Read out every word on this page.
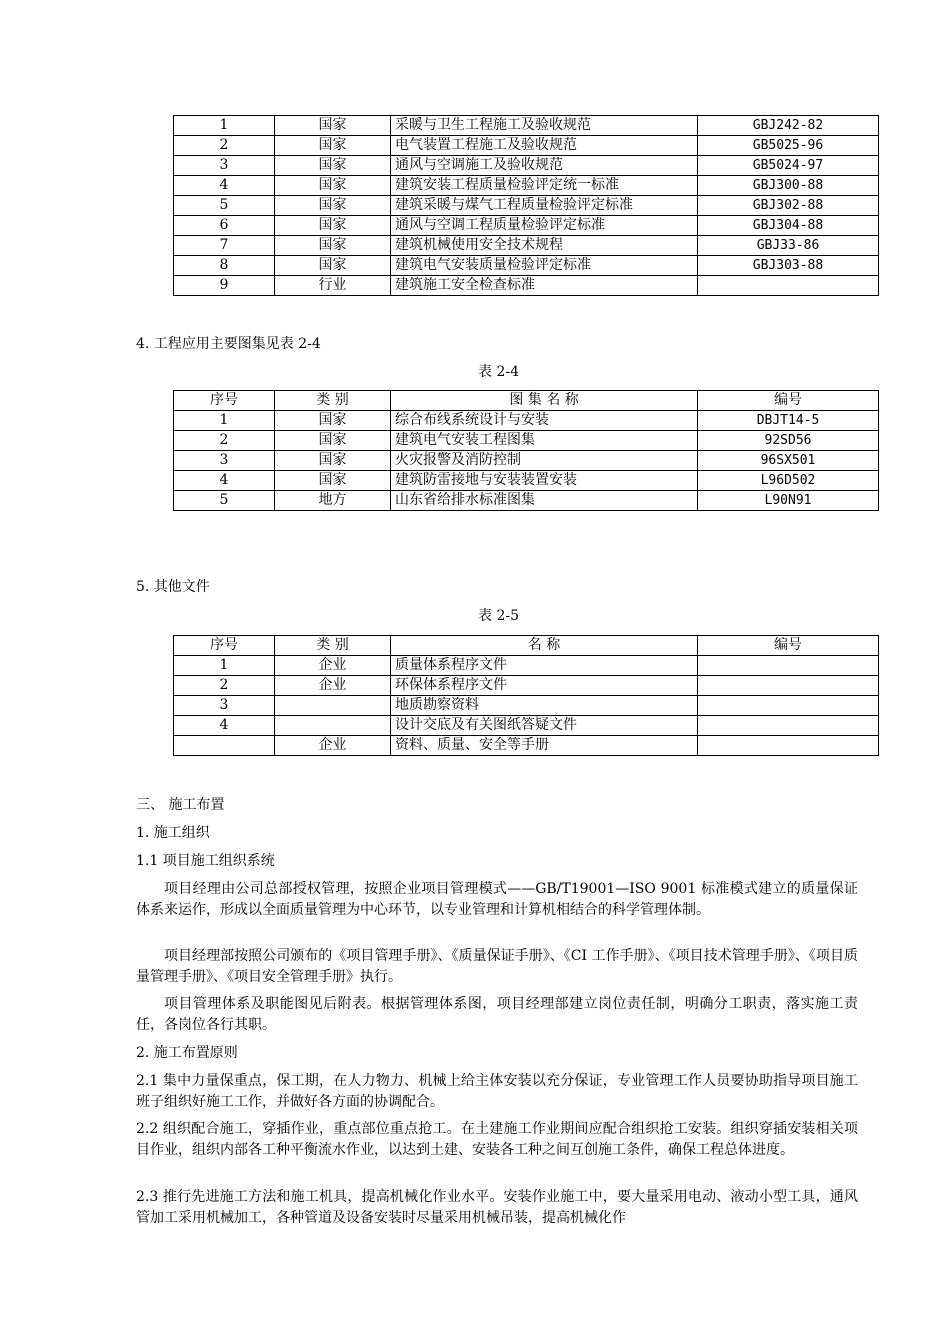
1	国家	采暖与卫生工程施工及验收规范	GBJ242-82
2	国家	电气装置工程施工及验收规范	GB5025-96
3	国家	通风与空调施工及验收规范	GB5024-97
4	国家	建筑安装工程质量检验评定统一标准	GBJ300-88
5	国家	建筑采暖与煤气工程质量检验评定标准	GBJ302-88
6	国家	通风与空调工程质量检验评定标准	GBJ304-88
7	国家	建筑机械使用安全技术规程	GBJ33-86
8	国家	建筑电气安装质量检验评定标准	GBJ303-88
9	行业	建筑施工安全检查标准	
4. 工程应用主要图集见表 2-4
表 2-4
序号	类 别	图 集 名 称	编号
1	国家	综合布线系统设计与安装	DBJT14-5
2	国家	建筑电气安装工程图集	92SD56
3	国家	火灾报警及消防控制	96SX501
4	国家	建筑防雷接地与安装装置安装	L96D502
5	地方	山东省给排水标准图集	L90N91
5. 其他文件
表 2-5
序号	类 别	名 称	编号
1	企业	质量体系程序文件	
2	企业	环保体系程序文件	
3		地质勘察资料	
4		设计交底及有关图纸答疑文件	
	企业	资料、质量、安全等手册	
三、 施工布置
1. 施工组织
1.1 项目施工组织系统
项目经理由公司总部授权管理，按照企业项目管理模式——GB/T19001—ISO 9001 标准模式建立的质量保证体系来运作，形成以全面质量管理为中心环节，以专业管理和计算机相结合的科学管理体制。
项目经理部按照公司颁布的《项目管理手册》、《质量保证手册》、《CI 工作手册》、《项目技术管理手册》、《项目质量管理手册》、《项目安全管理手册》执行。
项目管理体系及职能图见后附表。根据管理体系图，项目经理部建立岗位责任制，明确分工职责，落实施工责任，各岗位各行其职。
2. 施工布置原则
2.1 集中力量保重点，保工期，在人力物力、机械上给主体安装以充分保证，专业管理工作人员要协助指导项目施工班子组织好施工工作，并做好各方面的协调配合。
2.2 组织配合施工，穿插作业，重点部位重点抢工。在土建施工作业期间应配合组织抢工安装。组织穿插安装相关项目作业，组织内部各工种平衡流水作业，以达到土建、安装各工种之间互创施工条件，确保工程总体进度。
2.3 推行先进施工方法和施工机具，提高机械化作业水平。安装作业施工中，要大量采用电动、液动小型工具，通风管加工采用机械加工，各种管道及设备安装时尽量采用机械吊装，提高机械化作
